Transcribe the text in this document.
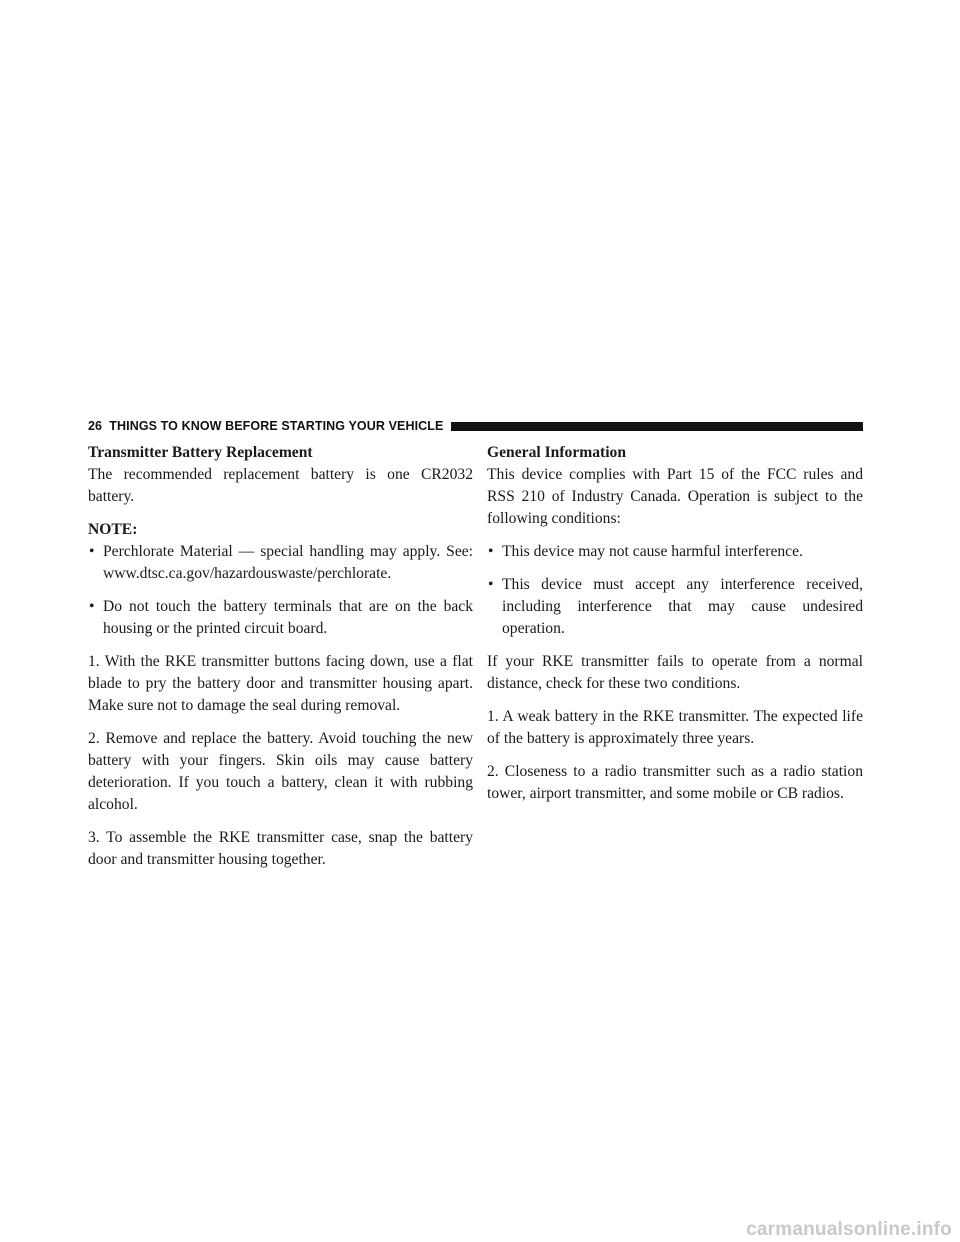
26 THINGS TO KNOW BEFORE STARTING YOUR VEHICLE
Transmitter Battery Replacement

The recommended replacement battery is one CR2032 battery.

NOTE:

• Perchlorate Material — special handling may apply. See: www.dtsc.ca.gov/hazardouswaste/perchlorate.
• Do not touch the battery terminals that are on the back housing or the printed circuit board.

1. With the RKE transmitter buttons facing down, use a flat blade to pry the battery door and transmitter housing apart. Make sure not to damage the seal during removal.

2. Remove and replace the battery. Avoid touching the new battery with your fingers. Skin oils may cause battery deterioration. If you touch a battery, clean it with rubbing alcohol.

3. To assemble the RKE transmitter case, snap the battery door and transmitter housing together.

General Information

This device complies with Part 15 of the FCC rules and RSS 210 of Industry Canada. Operation is subject to the following conditions:

• This device may not cause harmful interference.
• This device must accept any interference received, including interference that may cause undesired operation.

If your RKE transmitter fails to operate from a normal distance, check for these two conditions.

1. A weak battery in the RKE transmitter. The expected life of the battery is approximately three years.

2. Closeness to a radio transmitter such as a radio station tower, airport transmitter, and some mobile or CB radios.

carmanualsonline.info
